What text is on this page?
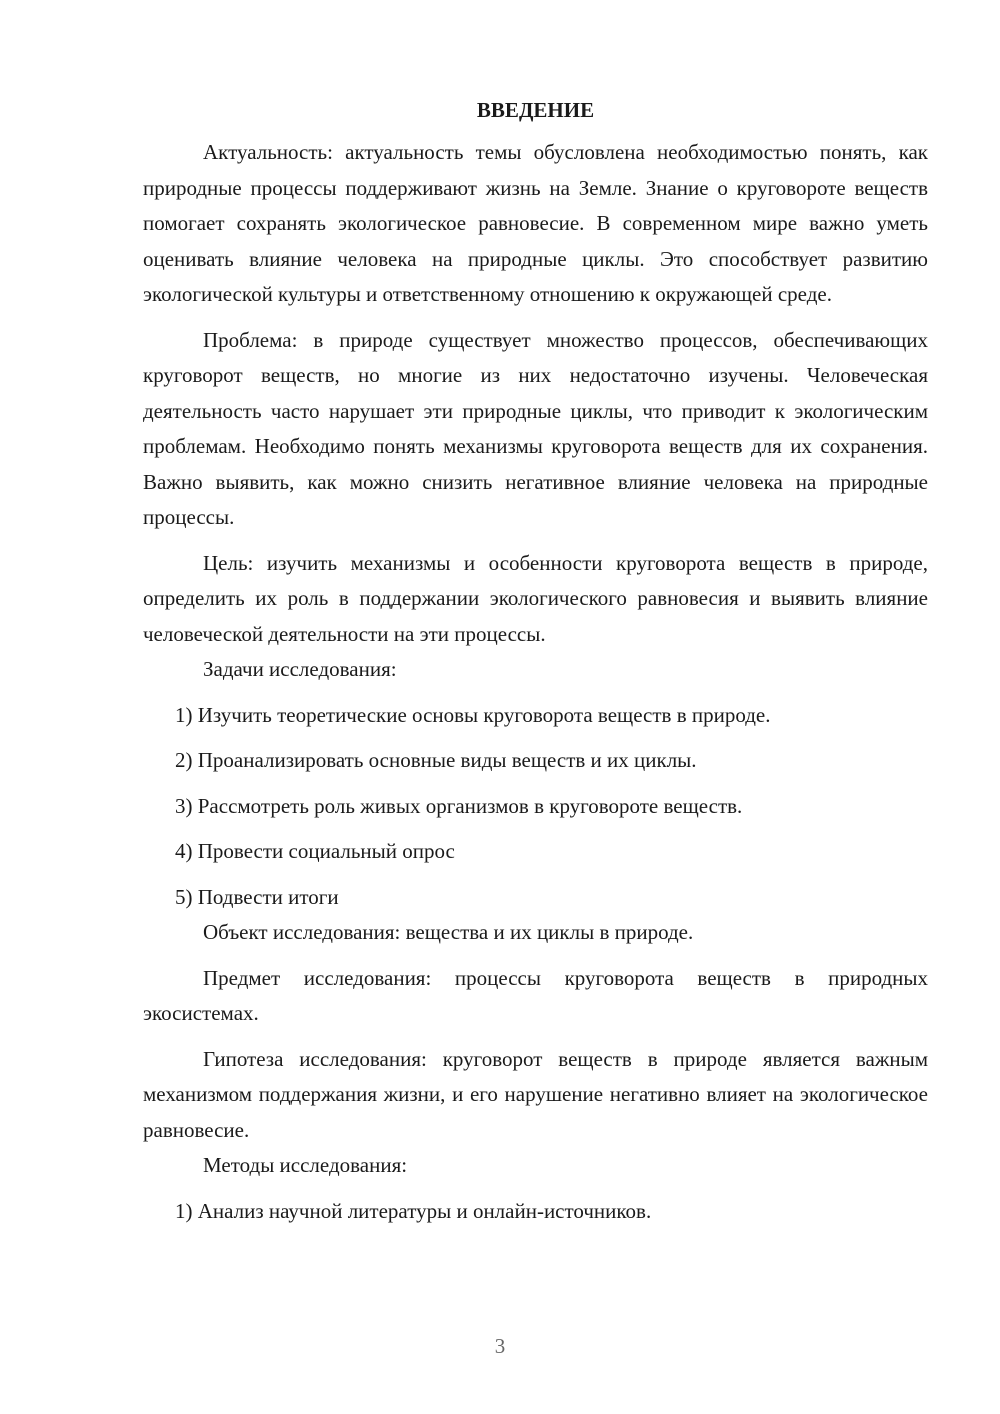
ВВЕДЕНИЕ

Актуальность: актуальность темы обусловлена необходимостью понять, как природные процессы поддерживают жизнь на Земле. Знание о круговороте веществ помогает сохранять экологическое равновесие. В современном мире важно уметь оценивать влияние человека на природные циклы. Это способствует развитию экологической культуры и ответственному отношению к окружающей среде.

Проблема: в природе существует множество процессов, обеспечивающих круговорот веществ, но многие из них недостаточно изучены. Человеческая деятельность часто нарушает эти природные циклы, что приводит к экологическим проблемам. Необходимо понять механизмы круговорота веществ для их сохранения. Важно выявить, как можно снизить негативное влияние человека на природные процессы.

Цель: изучить механизмы и особенности круговорота веществ в природе, определить их роль в поддержании экологического равновесия и выявить влияние человеческой деятельности на эти процессы.

Задачи исследования:

1) Изучить теоретические основы круговорота веществ в природе.

2) Проанализировать основные виды веществ и их циклы.

3) Рассмотреть роль живых организмов в круговороте веществ.

4) Провести социальный опрос

5) Подвести итоги

Объект исследования: вещества и их циклы в природе.

Предмет исследования: процессы круговорота веществ в природных экосистемах.

Гипотеза исследования: круговорот веществ в природе является важным механизмом поддержания жизни, и его нарушение негативно влияет на экологическое равновесие.

Методы исследования:

1) Анализ научной литературы и онлайн-источников.

3
